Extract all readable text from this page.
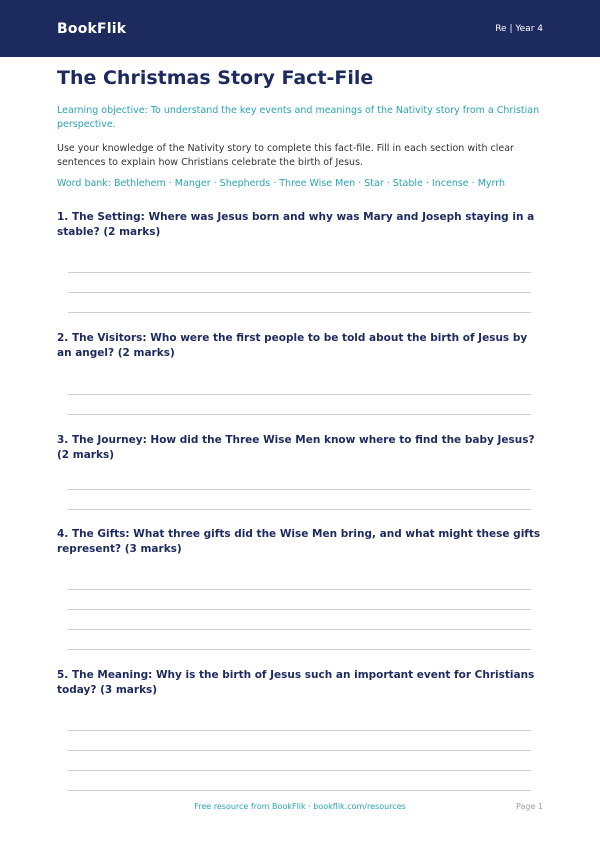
BookFlik	Re | Year 4
The Christmas Story Fact-File
Learning objective: To understand the key events and meanings of the Nativity story from a Christian perspective.
Use your knowledge of the Nativity story to complete this fact-file. Fill in each section with clear sentences to explain how Christians celebrate the birth of Jesus.
Word bank: Bethlehem · Manger · Shepherds · Three Wise Men · Star · Stable · Incense · Myrrh
1. The Setting: Where was Jesus born and why was Mary and Joseph staying in a stable? (2 marks)
2. The Visitors: Who were the first people to be told about the birth of Jesus by an angel? (2 marks)
3. The Journey: How did the Three Wise Men know where to find the baby Jesus? (2 marks)
4. The Gifts: What three gifts did the Wise Men bring, and what might these gifts represent? (3 marks)
5. The Meaning: Why is the birth of Jesus such an important event for Christians today? (3 marks)
Free resource from BookFlik · bookflik.com/resources	Page 1
